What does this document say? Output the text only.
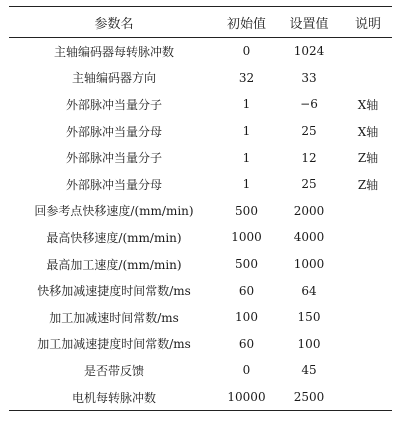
参数名	初始值	设置值	说明
主轴编码器每转脉冲数	0	1024	
主轴编码器方向	32	33	
外部脉冲当量分子	1	−6	X轴
外部脉冲当量分母	1	25	X轴
外部脉冲当量分子	1	12	Z轴
外部脉冲当量分母	1	25	Z轴
回参考点快移速度/(mm/min)	500	2000	
最高快移速度/(mm/min)	1000	4000	
最高加工速度/(mm/min)	500	1000	
快移加减速捷度时间常数/ms	60	64	
加工加减速时间常数/ms	100	150	
加工加减速捷度时间常数/ms	60	100	
是否带反馈	0	45	
电机每转脉冲数	10000	2500	
